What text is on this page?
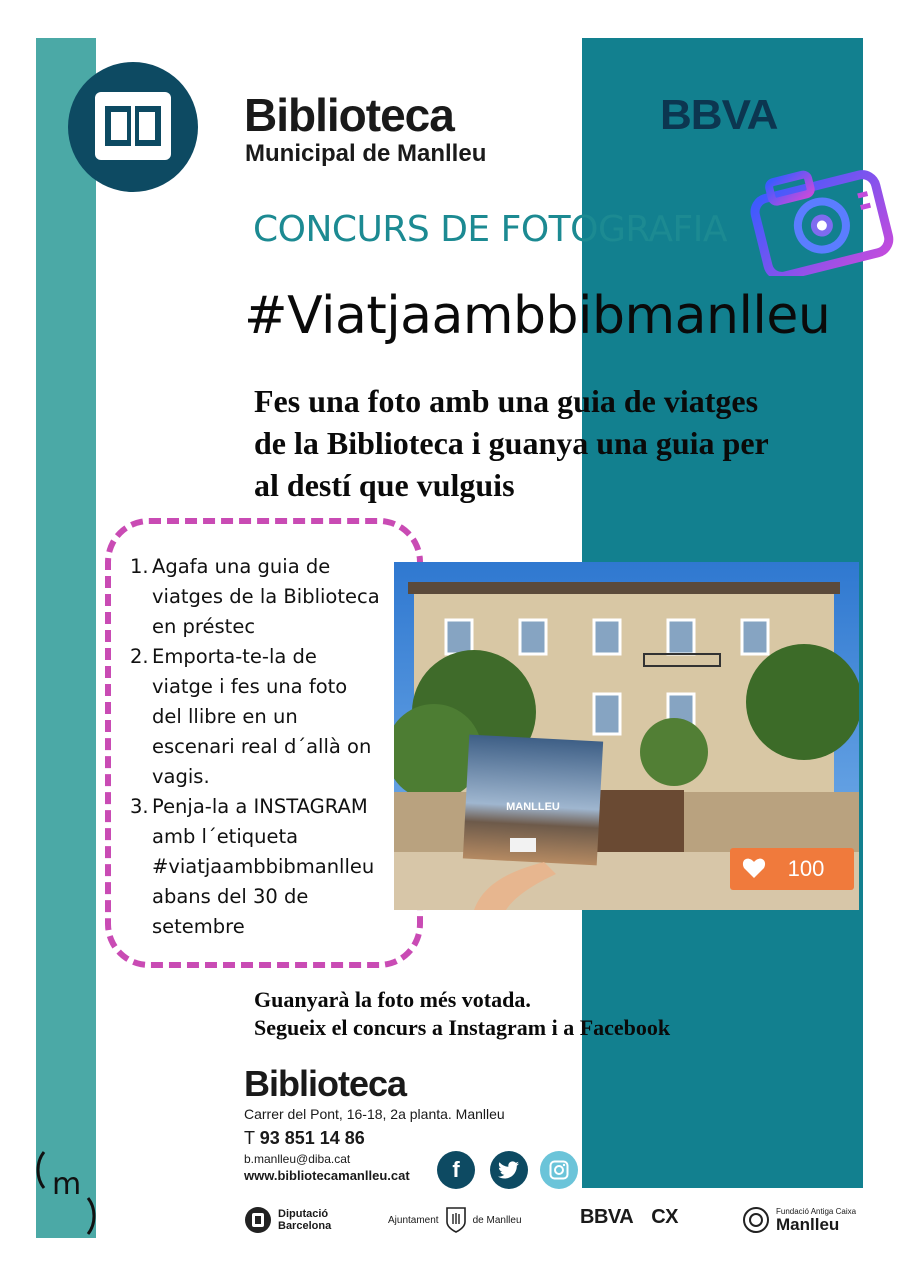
Biblioteca
Municipal de Manlleu
BBVA
CONCURS DE FOTOGRAFIA
#Viatjaambbibmanlleu
Fes una foto amb una guia de viatges
de la Biblioteca i guanya una guia per
al destí que vulguis
1. Agafa una guia de
viatges de la Biblioteca
en préstec
2. Emporta-te-la de
viatge i fes una foto
del llibre en un
escenari real d´allà on
vagis.
3. Penja-la a INSTAGRAM
amb l´etiqueta
#viatjaambbibmanlleu
abans del 30 de
setembre
MANLLEU
100
Guanyarà la foto més votada.
Segueix el concurs a Instagram i a Facebook
Biblioteca
Carrer del Pont, 16-18, 2a planta. Manlleu
T 93 851 14 86
b.manlleu@diba.cat
www.bibliotecamanlleu.cat	f
m
Diputació
Barcelona	Ajuntament	de Manlleu	BBVA CX	Fundació Antiga Caixa
Manlleu
